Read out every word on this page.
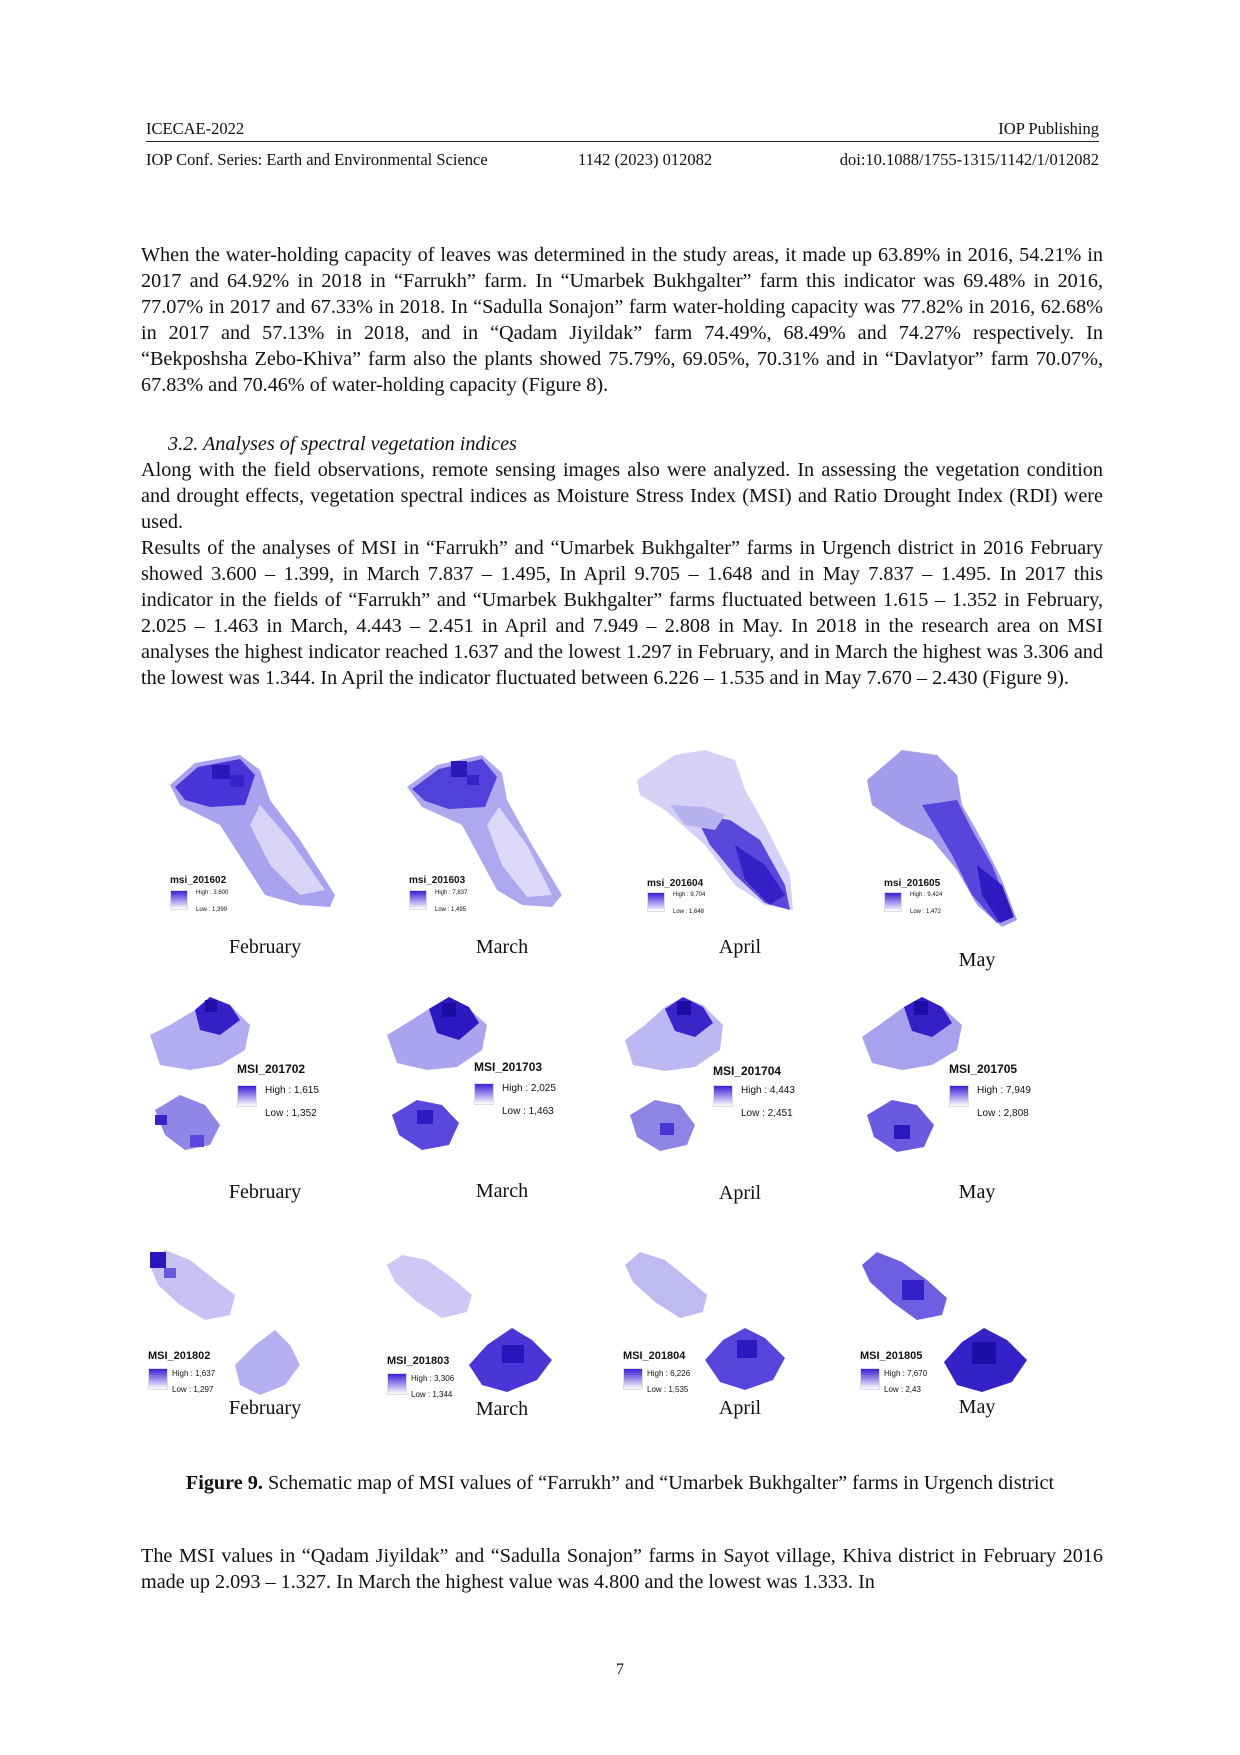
ICECAE-2022	IOP Publishing
IOP Conf. Series: Earth and Environmental Science	1142 (2023) 012082	doi:10.1088/1755-1315/1142/1/012082

When the water-holding capacity of leaves was determined in the study areas, it made up 63.89% in 2016, 54.21% in 2017 and 64.92% in 2018 in “Farrukh” farm. In “Umarbek Bukhgalter” farm this indicator was 69.48% in 2016, 77.07% in 2017 and 67.33% in 2018. In “Sadulla Sonajon” farm water-holding capacity was 77.82% in 2016, 62.68% in 2017 and 57.13% in 2018, and in “Qadam Jiyildak” farm 74.49%, 68.49% and 74.27% respectively. In “Bekposhsha Zebo-Khiva” farm also the plants showed 75.79%, 69.05%, 70.31% and in “Davlatyor” farm 70.07%, 67.83% and 70.46% of water-holding capacity (Figure 8).

3.2. Analyses of spectral vegetation indices

Along with the field observations, remote sensing images also were analyzed. In assessing the vegetation condition and drought effects, vegetation spectral indices as Moisture Stress Index (MSI) and Ratio Drought Index (RDI) were used.

Results of the analyses of MSI in “Farrukh” and “Umarbek Bukhgalter” farms in Urgench district in 2016 February showed 3.600 – 1.399, in March 7.837 – 1.495, In April 9.705 – 1.648 and in May 7.837 – 1.495. In 2017 this indicator in the fields of “Farrukh” and “Umarbek Bukhgalter” farms fluctuated between 1.615 – 1.352 in February, 2.025 – 1.463 in March, 4.443 – 2.451 in April and 7.949 – 2.808 in May. In 2018 in the research area on MSI analyses the highest indicator reached 1.637 and the lowest 1.297 in February, and in March the highest was 3.306 and the lowest was 1.344. In April the indicator fluctuated between 6.226 – 1.535 and in May 7.670 – 2.430 (Figure 9).

msi_201602
High : 3,600
Low : 1,399
February
msi_201603
High : 7,837
Low : 1,495
March
msi_201604
High : 9,704
Low : 1,648
April
msi_201605
High : 9,424
Low : 1,472
May
MSI_201702
High : 1,615
Low : 1,352
February
MSI_201703
High : 2,025
Low : 1,463
March
MSI_201704
High : 4,443
Low : 2,451
April
MSI_201705
High : 7,949
Low : 2,808
May
MSI_201802
High : 1,637
Low : 1,297
February
MSI_201803
High : 3,306
Low : 1,344
March
MSI_201804
High : 6,226
Low : 1,535
April
MSI_201805
High : 7,670
Low : 2,43
May
Figure 9. Schematic map of MSI values of “Farrukh” and “Umarbek Bukhgalter” farms in Urgench district

The MSI values in “Qadam Jiyildak” and “Sadulla Sonajon” farms in Sayot village, Khiva district in February 2016 made up 2.093 – 1.327. In March the highest value was 4.800 and the lowest was 1.333. In

7
